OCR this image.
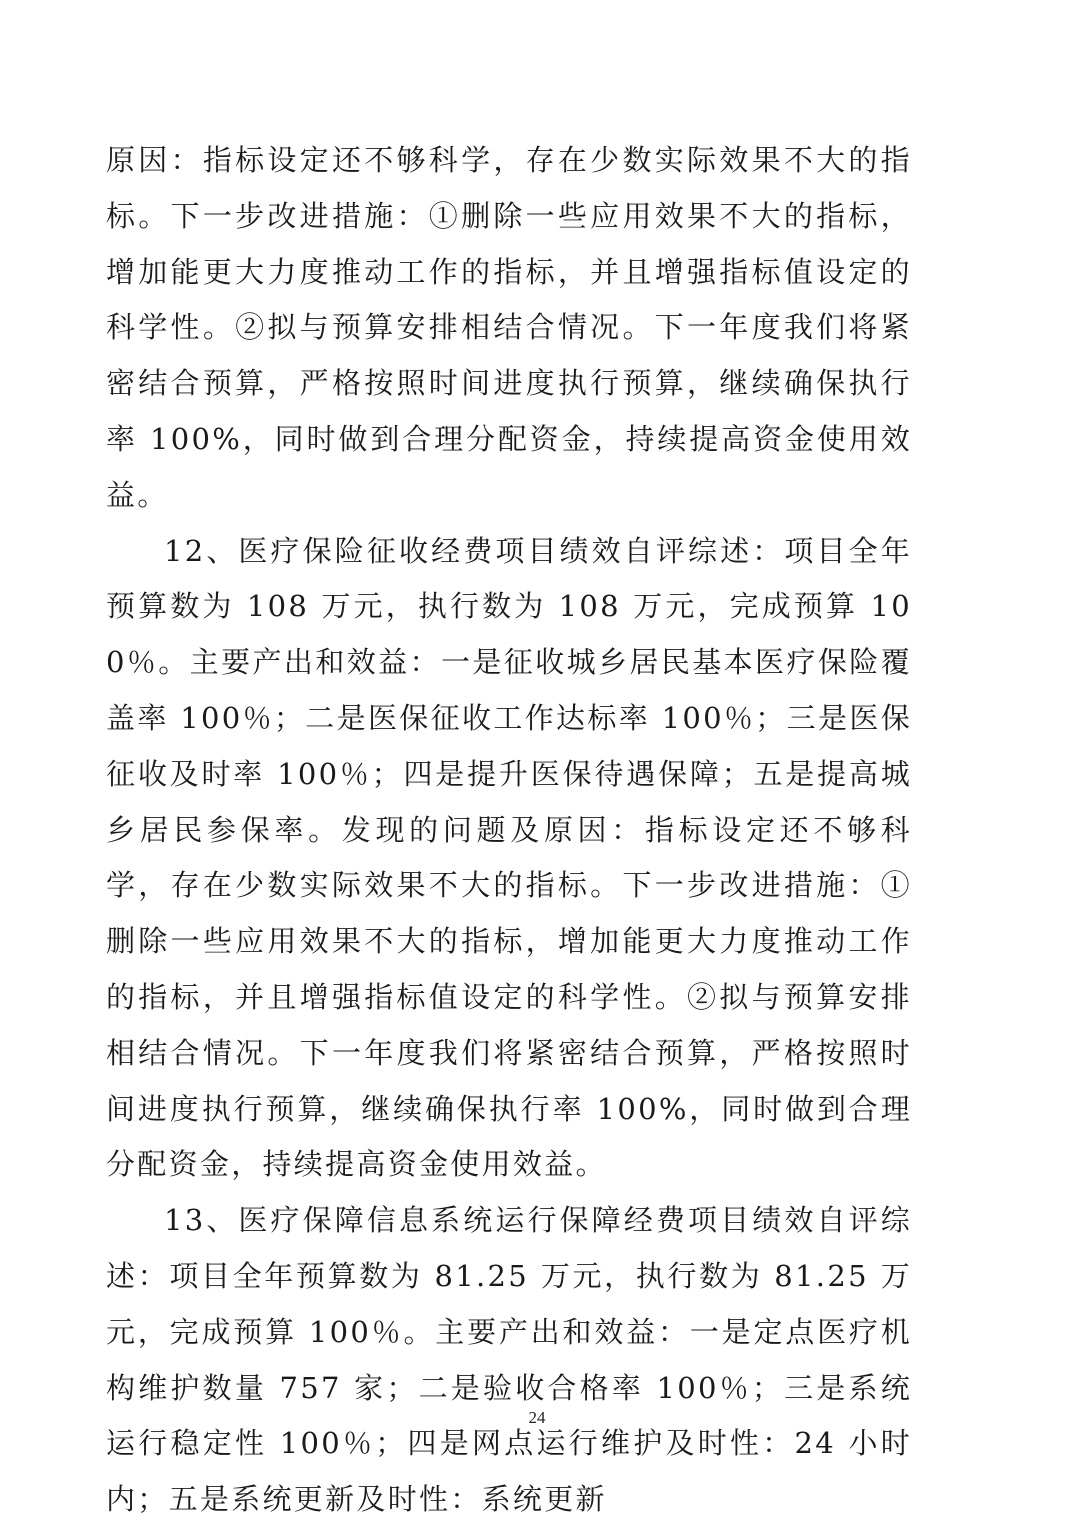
原因：指标设定还不够科学，存在少数实际效果不大的指标。下一步改进措施：①删除一些应用效果不大的指标，增加能更大力度推动工作的指标，并且增强指标值设定的科学性。②拟与预算安排相结合情况。下一年度我们将紧密结合预算，严格按照时间进度执行预算，继续确保执行率 100%，同时做到合理分配资金，持续提高资金使用效益。

12、医疗保险征收经费项目绩效自评综述：项目全年预算数为 108 万元，执行数为 108 万元，完成预算 100％。主要产出和效益：一是征收城乡居民基本医疗保险覆盖率 100％；二是医保征收工作达标率 100％；三是医保征收及时率 100％；四是提升医保待遇保障；五是提高城乡居民参保率。发现的问题及原因：指标设定还不够科学，存在少数实际效果不大的指标。下一步改进措施：①删除一些应用效果不大的指标，增加能更大力度推动工作的指标，并且增强指标值设定的科学性。②拟与预算安排相结合情况。下一年度我们将紧密结合预算，严格按照时间进度执行预算，继续确保执行率 100%，同时做到合理分配资金，持续提高资金使用效益。

13、医疗保障信息系统运行保障经费项目绩效自评综述：项目全年预算数为 81.25 万元，执行数为 81.25 万元，完成预算 100％。主要产出和效益：一是定点医疗机构维护数量 757 家；二是验收合格率 100％；三是系统运行稳定性 100％；四是网点运行维护及时性：24 小时内；五是系统更新及时性：系统更新

24
